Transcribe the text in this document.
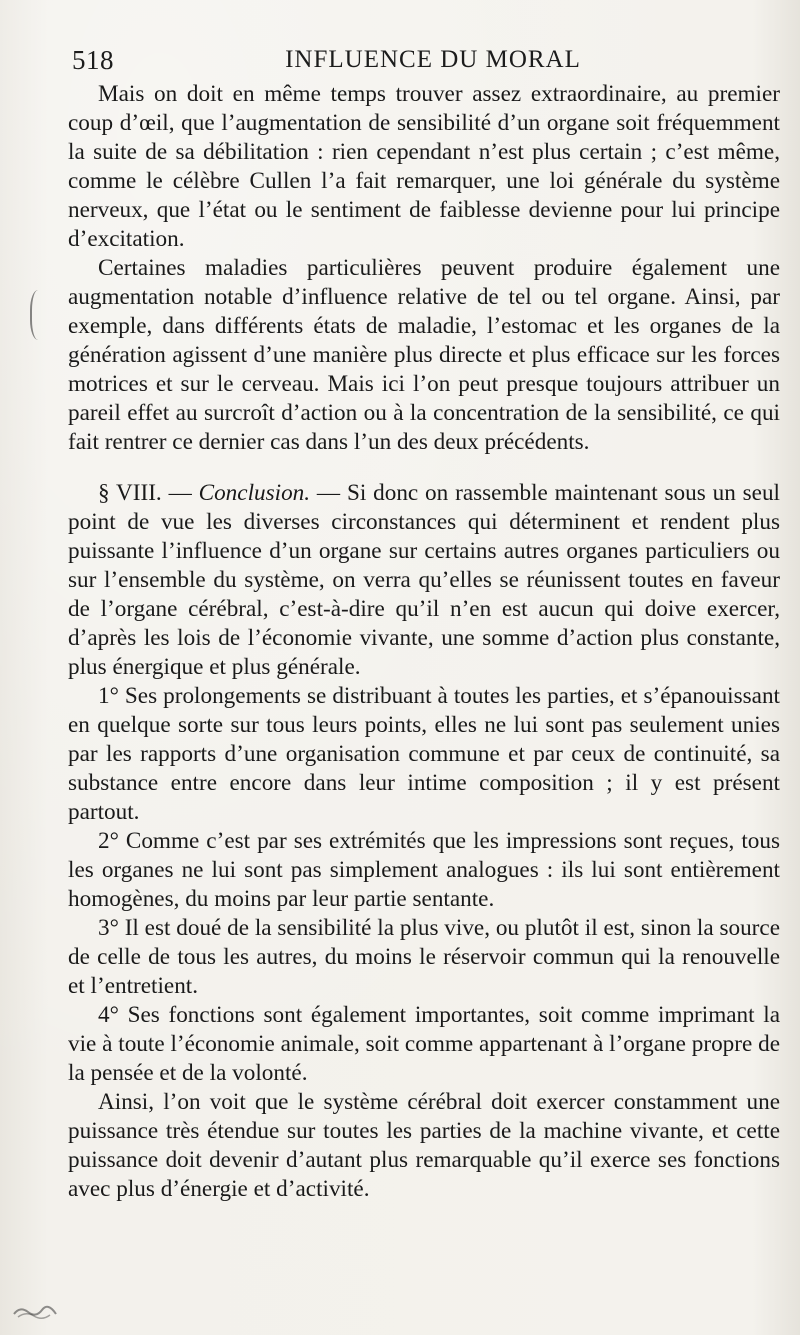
518	INFLUENCE DU MORAL

Mais on doit en même temps trouver assez extraordinaire, au premier coup d’œil, que l’augmentation de sensibilité d’un organe soit fréquemment la suite de sa débilitation : rien cependant n’est plus certain ; c’est même, comme le célèbre Cullen l’a fait remarquer, une loi générale du système nerveux, que l’état ou le sentiment de faiblesse devienne pour lui principe d’excitation.

Certaines maladies particulières peuvent produire également une augmentation notable d’influence relative de tel ou tel organe. Ainsi, par exemple, dans différents états de maladie, l’estomac et les organes de la génération agissent d’une manière plus directe et plus efficace sur les forces motrices et sur le cerveau. Mais ici l’on peut presque toujours attribuer un pareil effet au surcroît d’action ou à la concentration de la sensibilité, ce qui fait rentrer ce dernier cas dans l’un des deux précédents.

§ VIII. — Conclusion. — Si donc on rassemble maintenant sous un seul point de vue les diverses circonstances qui déterminent et rendent plus puissante l’influence d’un organe sur certains autres organes particuliers ou sur l’ensemble du système, on verra qu’elles se réunissent toutes en faveur de l’organe cérébral, c’est-à-dire qu’il n’en est aucun qui doive exercer, d’après les lois de l’économie vivante, une somme d’action plus constante, plus énergique et plus générale.

1° Ses prolongements se distribuant à toutes les parties, et s’épanouissant en quelque sorte sur tous leurs points, elles ne lui sont pas seulement unies par les rapports d’une organisation commune et par ceux de continuité, sa substance entre encore dans leur intime composition ; il y est présent partout.

2° Comme c’est par ses extrémités que les impressions sont reçues, tous les organes ne lui sont pas simplement analogues : ils lui sont entièrement homogènes, du moins par leur partie sentante.

3° Il est doué de la sensibilité la plus vive, ou plutôt il est, sinon la source de celle de tous les autres, du moins le réservoir commun qui la renouvelle et l’entretient.

4° Ses fonctions sont également importantes, soit comme imprimant la vie à toute l’économie animale, soit comme appartenant à l’organe propre de la pensée et de la volonté.

Ainsi, l’on voit que le système cérébral doit exercer constamment une puissance très étendue sur toutes les parties de la machine vivante, et cette puissance doit devenir d’autant plus remarquable qu’il exerce ses fonctions avec plus d’énergie et d’activité.
